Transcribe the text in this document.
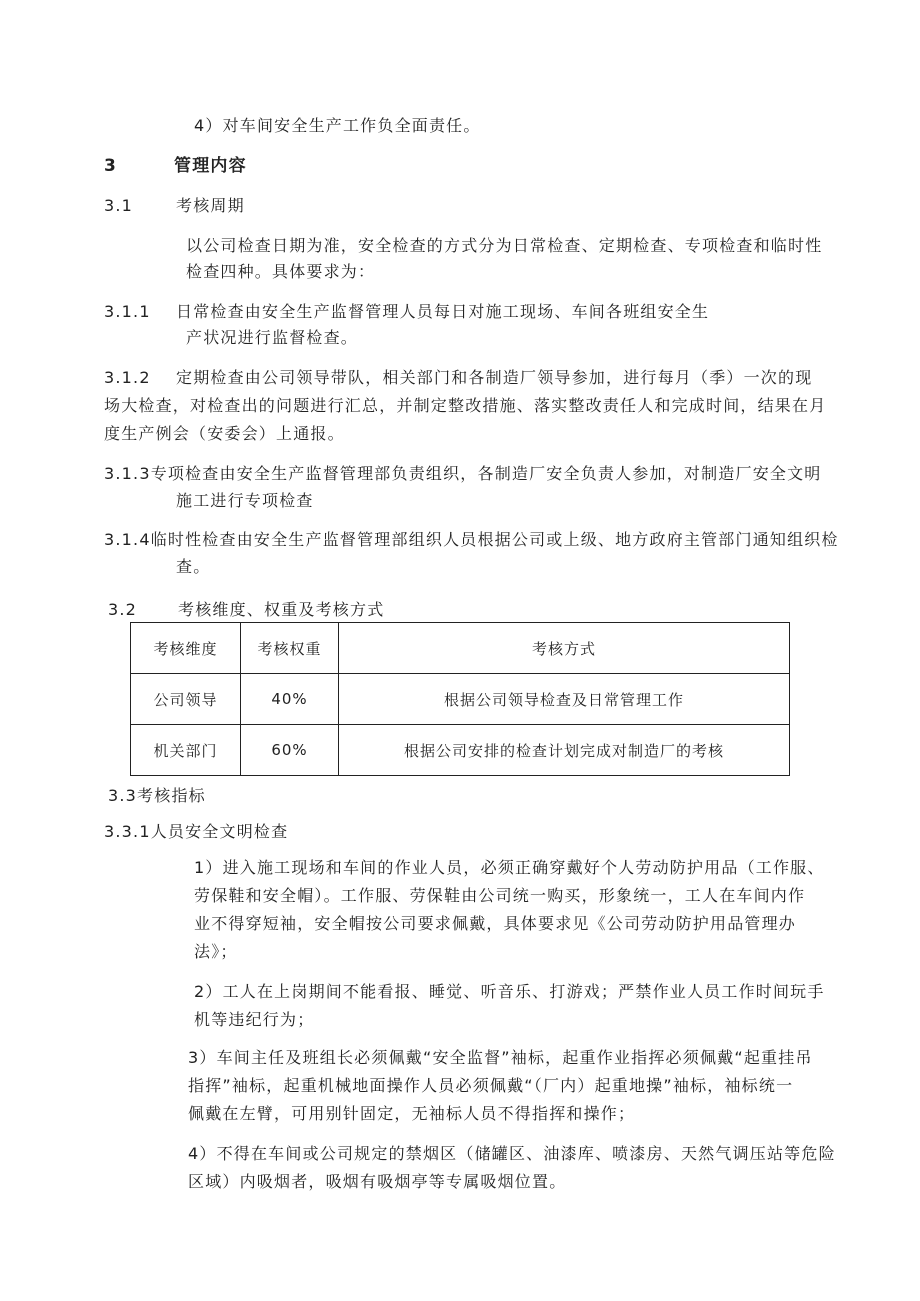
4）对车间安全生产工作负全面责任。
3	管理内容
3.1	考核周期
以公司检查日期为准，安全检查的方式分为日常检查、定期检查、专项检查和临时性
检查四种。具体要求为：
3.1.1 日常检查由安全生产监督管理人员每日对施工现场、车间各班组安全生
产状况进行监督检查。
3.1.2 定期检查由公司领导带队，相关部门和各制造厂领导参加，进行每月（季）一次的现
场大检查，对检查出的问题进行汇总，并制定整改措施、落实整改责任人和完成时间，结果在月
度生产例会（安委会）上通报。
3.1.3专项检查由安全生产监督管理部负责组织，各制造厂安全负责人参加，对制造厂安全文明
施工进行专项检查
3.1.4临时性检查由安全生产监督管理部组织人员根据公司或上级、地方政府主管部门通知组织检
查。
3.2	考核维度、权重及考核方式
考核维度	考核权重	考核方式
公司领导	40%	根据公司领导检查及日常管理工作
机关部门	60%	根据公司安排的检查计划完成对制造厂的考核
3.3考核指标
3.3.1人员安全文明检查
1）进入施工现场和车间的作业人员，必须正确穿戴好个人劳动防护用品（工作服、
劳保鞋和安全帽）。工作服、劳保鞋由公司统一购买，形象统一，工人在车间内作
业不得穿短袖，安全帽按公司要求佩戴，具体要求见《公司劳动防护用品管理办
法》；
2）工人在上岗期间不能看报、睡觉、听音乐、打游戏；严禁作业人员工作时间玩手
机等违纪行为；
3）车间主任及班组长必须佩戴“安全监督”袖标，起重作业指挥必须佩戴“起重挂吊
指挥”袖标，起重机械地面操作人员必须佩戴“（厂内）起重地操”袖标，袖标统一
佩戴在左臂，可用别针固定，无袖标人员不得指挥和操作；
4）不得在车间或公司规定的禁烟区（储罐区、油漆库、喷漆房、天然气调压站等危险
区域）内吸烟者，吸烟有吸烟亭等专属吸烟位置。
